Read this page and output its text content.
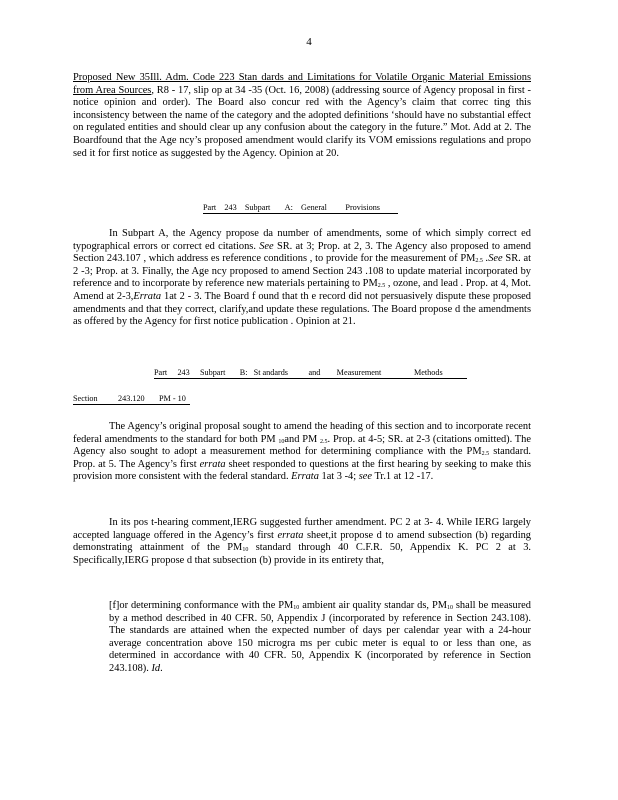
4

Proposed New 35Ill. Adm. Code 223 Stan dards and Limitations for Volatile Organic Material Emissions from Area Sources, R8 - 17, slip op at 34 -35 (Oct. 16, 2008) (addressing source of Agency proposal in first -notice opinion and order). The Board also concur red with the Agency’s claim that correc ting this inconsistency between the name of the category and the adopted definitions ‘should have no substantial effect on regulated entities and should clear up any confusion about the category in the future.” Mot. Add at 2. The Boardfound that the Age ncy’s proposed amendment would clarify its VOM emissions regulations and propo sed it for first notice as suggested by the Agency. Opinion at 20.

Part 243 Subpart A: General Provisions

In Subpart A, the Agency propose da number of amendments, some of which simply correct ed typographical errors or correct ed citations. See SR. at 3; Prop. at 2, 3. The Agency also proposed to amend Section 243.107 , which address es reference conditions , to provide for the measurement of $PM_{2.5}$ .See SR. at 2 -3; Prop. at 3. Finally, the Age ncy proposed to amend Section 243 .108 to update material incorporated by reference and to incorporate by reference new materials pertaining to $PM_{2.5}$ , ozone, and lead . Prop. at 4, Mot. Amend at 2-3,Errata 1at 2 - 3. The Board f ound that th e record did not persuasively dispute these proposed amendments and that they correct, clarify,and update these regulations. The Board propose d the amendments as offered by the Agency for first notice publication . Opinion at 21.

Part 243 Subpart B: St andards and Measurement	Methods
Section 243.120 PM - 10

The Agency’s original proposal sought to amend the heading of this section and to incorporate recent federal amendments to the standard for both PM $_{10}$and PM $_{2.5}$. Prop. at 4-5; SR. at 2-3 (citations omitted). The Agency also sought to adopt a measurement method for determining compliance with the $PM_{2.5}$ standard. Prop. at 5. The Agency’s first errata sheet responded to questions at the first hearing by seeking to make this provision more consistent with the federal standard. Errata 1at 3 -4; see Tr.1 at 12 -17.

In its pos t-hearing comment,IERG suggested further amendment. PC 2 at 3- 4. While IERG largely accepted language offered in the Agency’s first errata sheet,it propose d to amend subsection (b) regarding demonstrating attainment of the $PM_{10}$ standard through 40 C.F.R. 50, Appendix K. PC 2 at 3. Specifically,IERG propose d that subsection (b) provide in its entirety that,

[f]or determining conformance with the $PM_{10}$ ambient air quality standar ds, $PM_{10}$ shall be measured by a method described in 40 CFR. 50, Appendix J (incorporated by reference in Section 243.108). The standards are attained when the expected number of days per calendar year with a 24-hour average concentration above 150 microgra ms per cubic meter is equal to or less than one, as determined in accordance with 40 CFR. 50, Appendix K (incorporated by reference in Section 243.108). Id.
